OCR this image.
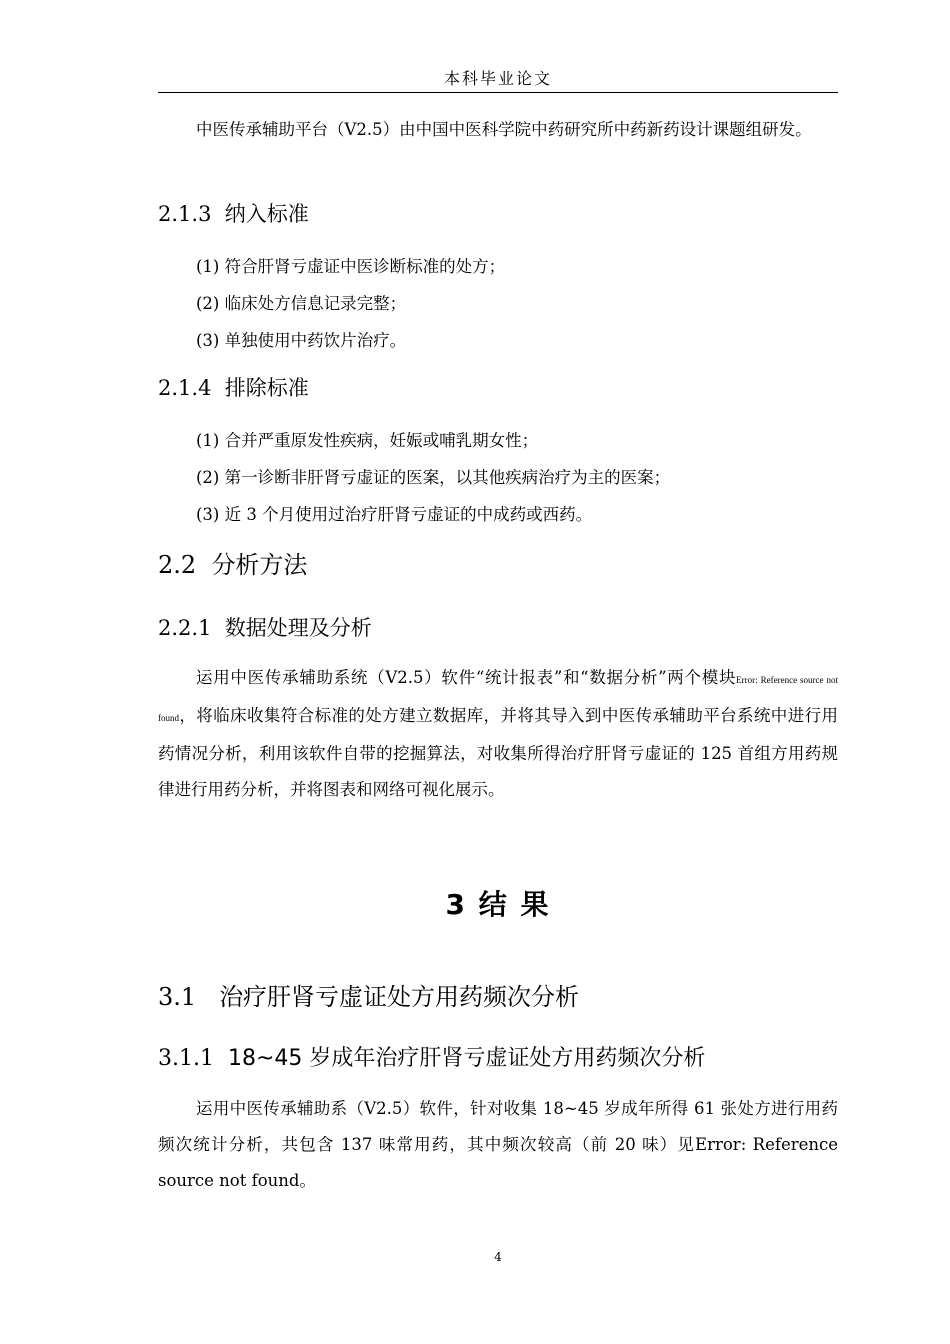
本科毕业论文
中医传承辅助平台（V2.5）由中国中医科学院中药研究所中药新药设计课题组研发。
2.1.3 纳入标准
(1) 符合肝肾亏虚证中医诊断标准的处方；
(2) 临床处方信息记录完整；
(3) 单独使用中药饮片治疗。
2.1.4 排除标准
(1) 合并严重原发性疾病，妊娠或哺乳期女性；
(2) 第一诊断非肝肾亏虚证的医案，以其他疾病治疗为主的医案；
(3) 近 3 个月使用过治疗肝肾亏虚证的中成药或西药。
2.2 分析方法
2.2.1 数据处理及分析
运用中医传承辅助系统（V2.5）软件“统计报表”和“数据分析”两个模块Error: Reference source not found，将临床收集符合标准的处方建立数据库，并将其导入到中医传承辅助平台系统中进行用药情况分析，利用该软件自带的挖掘算法，对收集所得治疗肝肾亏虚证的 125 首组方用药规律进行用药分析，并将图表和网络可视化展示。
3 结 果
3.1 治疗肝肾亏虚证处方用药频次分析
3.1.1 18~45 岁成年治疗肝肾亏虚证处方用药频次分析
运用中医传承辅助系（V2.5）软件，针对收集 18~45 岁成年所得 61 张处方进行用药频次统计分析，共包含 137 味常用药，其中频次较高（前 20 味）见Error: Reference source not found。
4
